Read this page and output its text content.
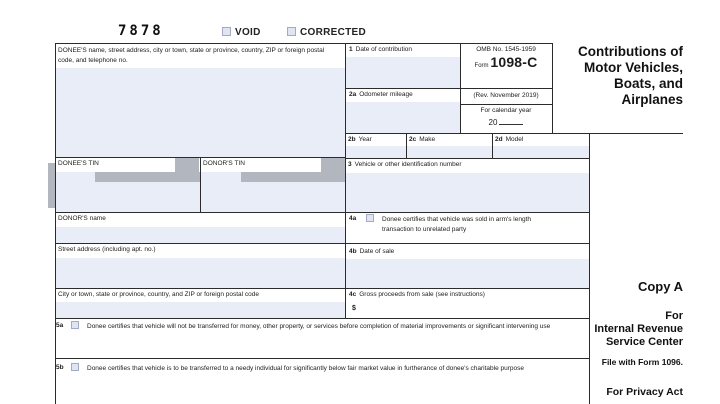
7878	VOID	CORRECTED
DONEE'S name, street address, city or town, state or province, country, ZIP or foreign postal code, and telephone no.
1 Date of contribution
2a Odometer mileage
OMB No. 1545-1959
Form 1098-C
(Rev. November 2019)
For calendar year
20
Contributions of
Motor Vehicles,
Boats, and
Airplanes
2b Year	2c Make	2d Model
DONEE'S TIN	DONOR'S TIN	3 Vehicle or other identification number
DONOR'S name	4a	Donee certifies that vehicle was sold in arm's length transaction to unrelated party
Street address (including apt. no.)	4b Date of sale
City or town, state or province, country, and ZIP or foreign postal code	4c Gross proceeds from sale (see instructions)
$
5a	Donee certifies that vehicle will not be transferred for money, other property, or services before completion of material improvements or significant intervening use
5b	Donee certifies that vehicle is to be transferred to a needy individual for significantly below fair market value in furtherance of donee's charitable purpose
Copy A
For
Internal Revenue
Service Center
File with Form 1096.
For Privacy Act
